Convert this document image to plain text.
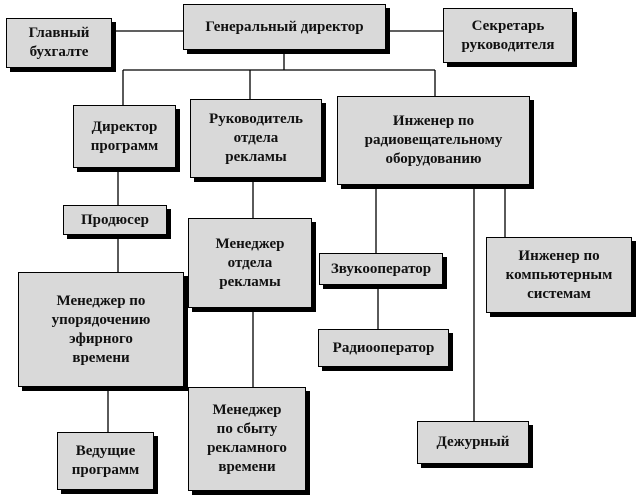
Генеральный директор
Главный
бухгалте
Секретарь
руководителя
Директор
программ
Руководитель
отдела
рекламы
Инженер по
радиовещательному
оборудованию
Продюсер
Менеджер по
упорядочению
эфирного
времени
Ведущие
программ
Менеджер
отдела
рекламы
Менеджер
по сбыту
рекламного
времени
Звукооператор
Радиооператор
Дежурный
Инженер по
компьютерным
системам
